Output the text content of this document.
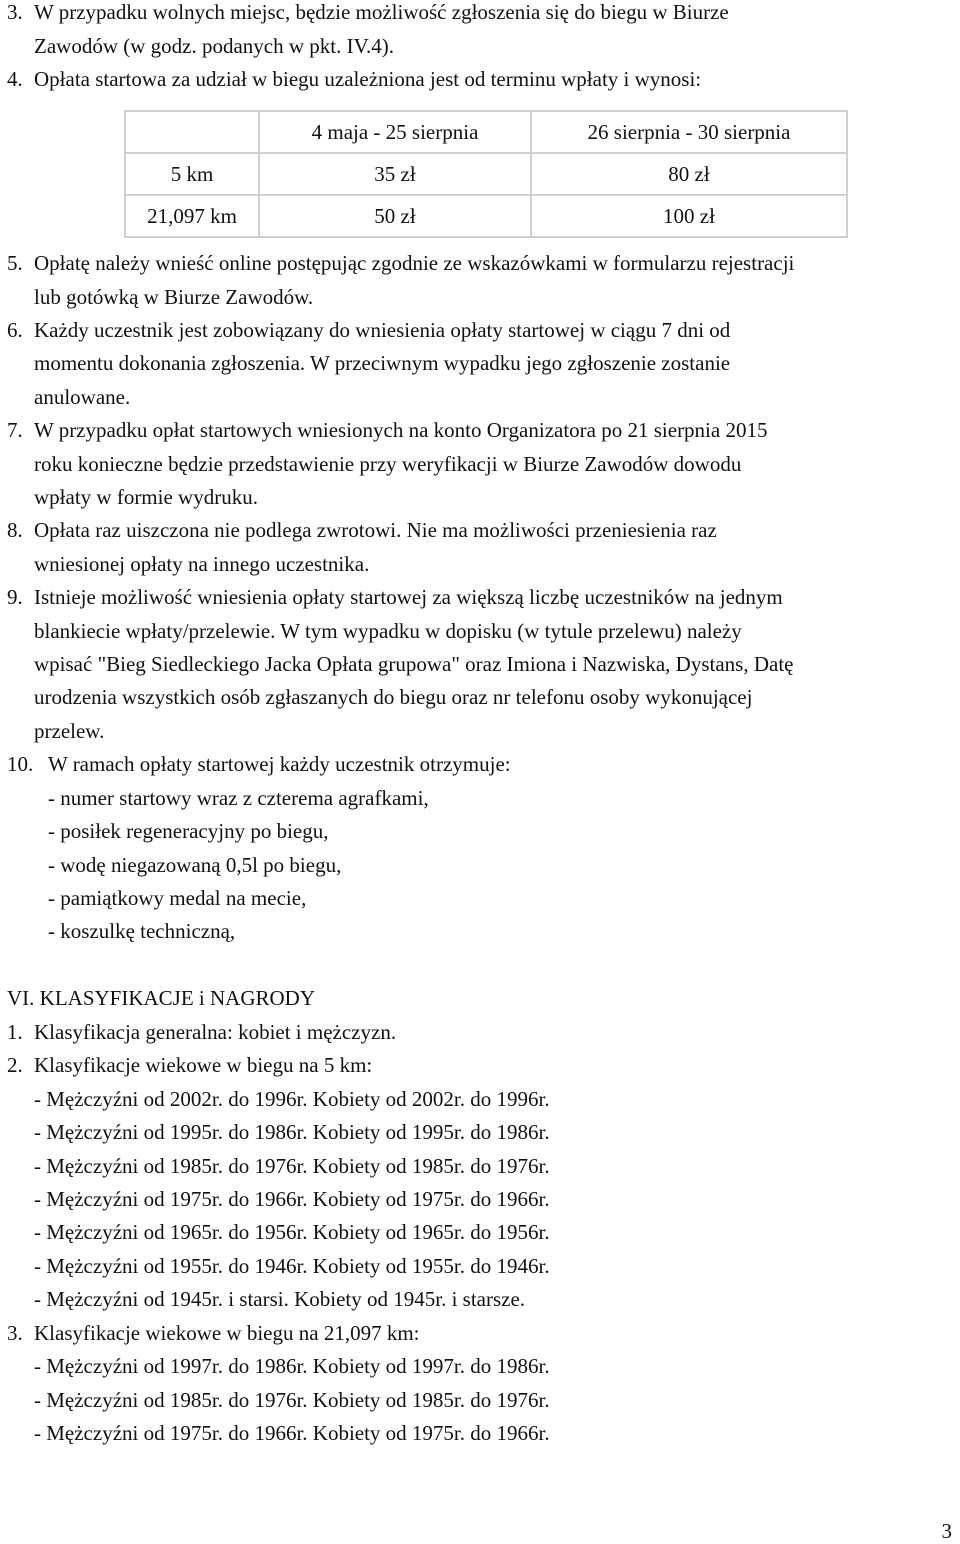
3. W przypadku wolnych miejsc, będzie możliwość zgłoszenia się do biegu w Biurze
Zawodów (w godz. podanych w pkt. IV.4).
4. Opłata startowa za udział w biegu uzależniona jest od terminu wpłaty i wynosi:
	4 maja - 25 sierpnia	26 sierpnia - 30 sierpnia
5 km	35 zł	80 zł
21,097 km	50 zł	100 zł
5. Opłatę należy wnieść online postępując zgodnie ze wskazówkami w formularzu rejestracji
lub gotówką w Biurze Zawodów.
6. Każdy uczestnik jest zobowiązany do wniesienia opłaty startowej w ciągu 7 dni od
momentu dokonania zgłoszenia. W przeciwnym wypadku jego zgłoszenie zostanie
anulowane.
7. W przypadku opłat startowych wniesionych na konto Organizatora po 21 sierpnia 2015
roku konieczne będzie przedstawienie przy weryfikacji w Biurze Zawodów dowodu
wpłaty w formie wydruku.
8. Opłata raz uiszczona nie podlega zwrotowi. Nie ma możliwości przeniesienia raz
wniesionej opłaty na innego uczestnika.
9. Istnieje możliwość wniesienia opłaty startowej za większą liczbę uczestników na jednym
blankiecie wpłaty/przelewie. W tym wypadku w dopisku (w tytule przelewu) należy
wpisać "Bieg Siedleckiego Jacka Opłata grupowa" oraz Imiona i Nazwiska, Dystans, Datę
urodzenia wszystkich osób zgłaszanych do biegu oraz nr telefonu osoby wykonującej
przelew.
10. W ramach opłaty startowej każdy uczestnik otrzymuje:
- numer startowy wraz z czterema agrafkami,
- posiłek regeneracyjny po biegu,
- wodę niegazowaną 0,5l po biegu,
- pamiątkowy medal na mecie,
- koszulkę techniczną,
VI. KLASYFIKACJE i NAGRODY
1. Klasyfikacja generalna: kobiet i mężczyzn.
2. Klasyfikacje wiekowe w biegu na 5 km:
- Mężczyźni od 2002r. do 1996r. Kobiety od 2002r. do 1996r.
- Mężczyźni od 1995r. do 1986r. Kobiety od 1995r. do 1986r.
- Mężczyźni od 1985r. do 1976r. Kobiety od 1985r. do 1976r.
- Mężczyźni od 1975r. do 1966r. Kobiety od 1975r. do 1966r.
- Mężczyźni od 1965r. do 1956r. Kobiety od 1965r. do 1956r.
- Mężczyźni od 1955r. do 1946r. Kobiety od 1955r. do 1946r.
- Mężczyźni od 1945r. i starsi. Kobiety od 1945r. i starsze.
3. Klasyfikacje wiekowe w biegu na 21,097 km:
- Mężczyźni od 1997r. do 1986r. Kobiety od 1997r. do 1986r.
- Mężczyźni od 1985r. do 1976r. Kobiety od 1985r. do 1976r.
- Mężczyźni od 1975r. do 1966r. Kobiety od 1975r. do 1966r.
3
